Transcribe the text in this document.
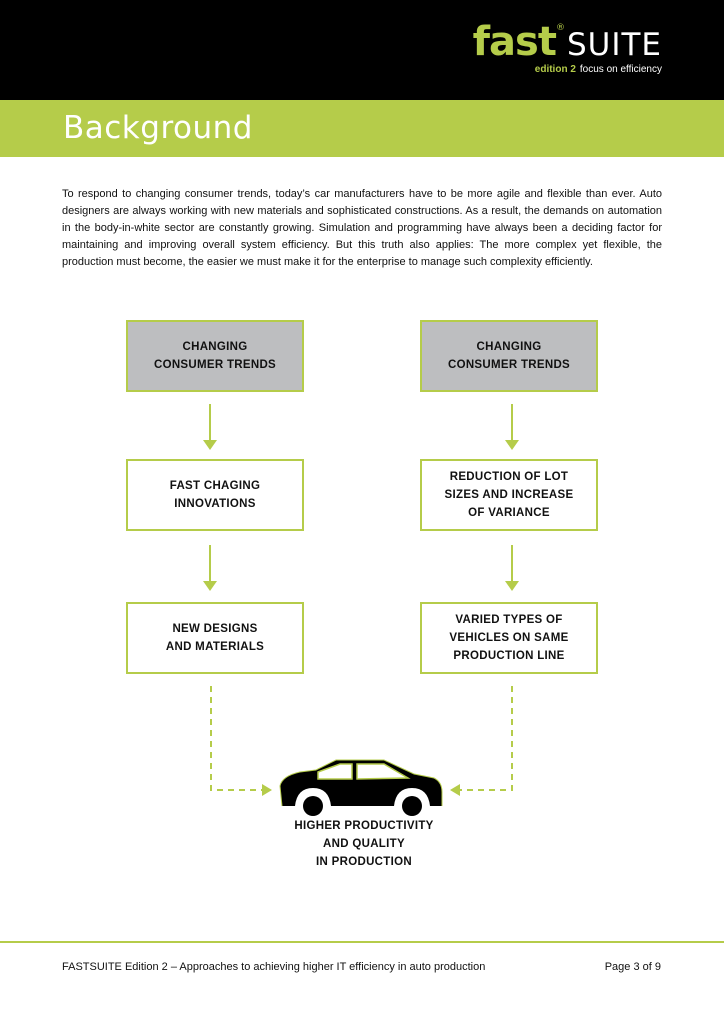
fast®SUITE
edition 2 focus on efficiency
Background

To respond to changing consumer trends, today’s car manufacturers have to be more agile and flexible than ever. Auto designers are always working with new materials and sophisticated constructions. As a result, the demands on automation in the body-in-white sector are constantly growing. Simulation and programming have always been a deciding factor for maintaining and improving overall system efficiency. But this truth also applies: The more complex yet flexible, the production must become, the easier we must make it for the enterprise to manage such complexity efficiently.

CHANGING
CONSUMER TRENDS
FAST CHAGING
INNOVATIONS
NEW DESIGNS
AND MATERIALS
CHANGING
CONSUMER TRENDS
REDUCTION OF LOT
SIZES AND INCREASE
OF VARIANCE
VARIED TYPES OF
VEHICLES ON SAME
PRODUCTION LINE
HIGHER PRODUCTIVITY
AND QUALITY
IN PRODUCTION
FASTSUITE Edition 2 – Approaches to achieving higher IT efficiency in auto production	Page 3 of 9
